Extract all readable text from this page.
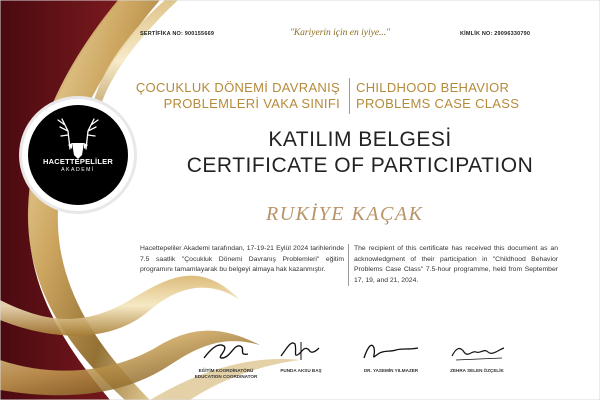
SERTİFİKA NO: 900155669	"Kariyerin için en iyiye..."	KİMLİK NO: 29096330790
HACETTEPELİLER
AKADEMİ
ÇOCUKLUK DÖNEMİ DAVRANIŞ
PROBLEMLERİ VAKA SINIFI
CHILDHOOD BEHAVIOR
PROBLEMS CASE CLASS
KATILIM BELGESİ
CERTIFICATE OF PARTICIPATION
RUKİYE KAÇAK
Hacettepeliler Akademi tarafından, 17-19-21 Eylül 2024 tarihlerinde 7.5 saatlik "Çocukluk Dönemi Davranış Problemleri" eğitim programını tamamlayarak bu belgeyi almaya hak kazanmıştır.
The recipient of this certificate has received this document as an acknowledgment of their participation in "Childhood Behavior Problems Case Class" 7.5-hour programme, held from September 17, 19, and 21, 2024.
EĞİTİM KOORDİNATÖRÜ
EDUCATION COORDINATOR
PUNDA AKSU BAŞ	DR. YASEMİN YILMAZER	ZEHRA SELEN ÖZÇELİK
